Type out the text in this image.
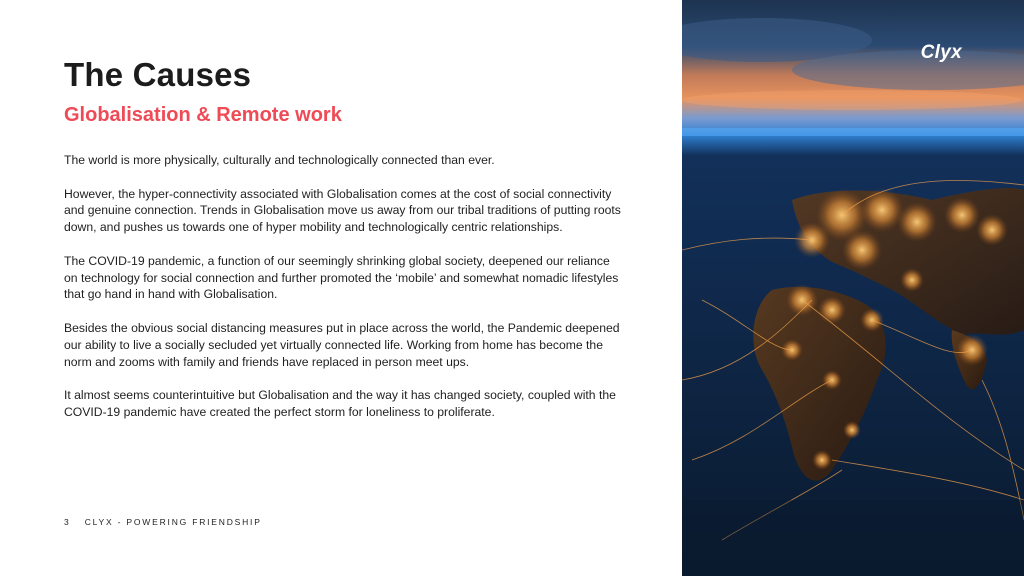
The Causes
Globalisation & Remote work

The world is more physically, culturally and technologically connected than ever.

However, the hyper-connectivity associated with Globalisation comes at the cost of social connectivity and genuine connection. Trends in Globalisation move us away from our tribal traditions of putting roots down, and pushes us towards one of hyper mobility and technologically centric relationships.

The COVID-19 pandemic, a function of our seemingly shrinking global society, deepened our reliance on technology for social connection and further promoted the ‘mobile’ and somewhat nomadic lifestyles that go hand in hand with Globalisation.

Besides the obvious social distancing measures put in place across the world, the Pandemic deepened our ability to live a socially secluded yet virtually connected life. Working from home has become the norm and zooms with family and friends have replaced in person meet ups.

It almost seems counterintuitive but Globalisation and the way it has changed society, coupled with the COVID-19 pandemic have created the perfect storm for loneliness to proliferate.

3 CLYX - POWERING FRIENDSHIP
Clyx
